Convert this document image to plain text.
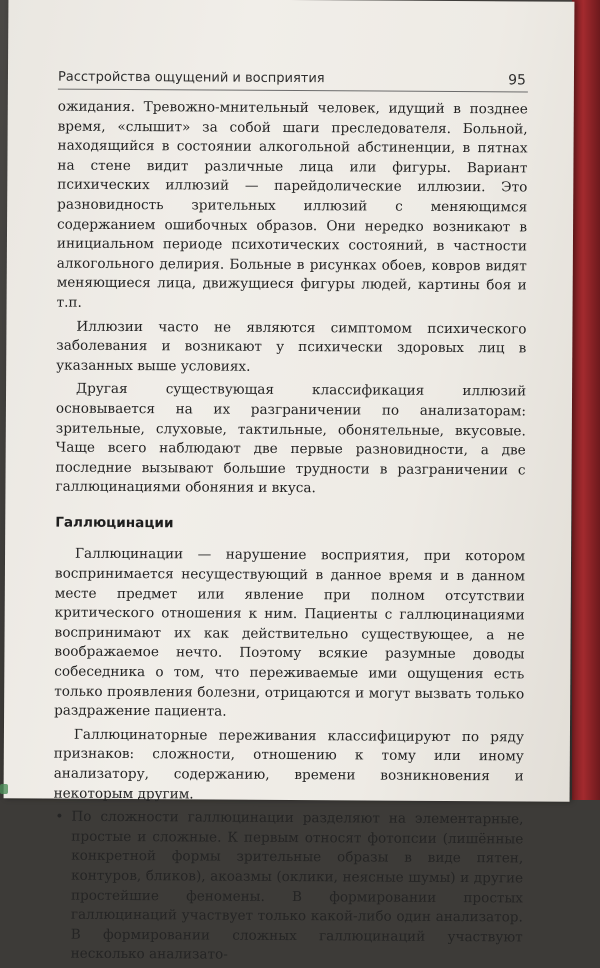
Расстройства ощущений и восприятия	95

ожидания. Тревожно-мнительный человек, идущий в позднее время, «слышит» за собой шаги преследователя. Больной, находящийся в состоянии алкогольной абстиненции, в пятнах на стене видит различные лица или фигуры. Вариант психических иллюзий — парейдолические иллюзии. Это разновидность зрительных иллюзий с меняющимся содержанием ошибочных образов. Они нередко возникают в инициальном периоде психотических состояний, в частности алкогольного делирия. Больные в рисунках обоев, ковров видят меняющиеся лица, движущиеся фигуры людей, картины боя и т.п.

Иллюзии часто не являются симптомом психического заболевания и возникают у психически здоровых лиц в указанных выше условиях.

Другая существующая классификация иллюзий основывается на их разграничении по анализаторам: зрительные, слуховые, тактильные, обонятельные, вкусовые. Чаще всего наблюдают две первые разновидности, а две последние вызывают большие трудности в разграничении с галлюцинациями обоняния и вкуса.

Галлюцинации

Галлюцинации — нарушение восприятия, при котором воспринимается несуществующий в данное время и в данном месте предмет или явление при полном отсутствии критического отношения к ним. Пациенты с галлюцинациями воспринимают их как действительно существующее, а не воображаемое нечто. Поэтому всякие разумные доводы собеседника о том, что переживаемые ими ощущения есть только проявления болезни, отрицаются и могут вызвать только раздражение пациента.

Галлюцинаторные переживания классифицируют по ряду признаков: сложности, отношению к тому или иному анализатору, содержанию, времени возникновения и некоторым другим.

• По сложности галлюцинации разделяют на элементарные, простые и сложные. К первым относят фотопсии (лишённые конкретной формы зрительные образы в виде пятен, контуров, бликов), акоазмы (оклики, неясные шумы) и другие простейшие феномены. В формировании простых галлюцинаций участвует только какой-либо один анализатор. В формировании сложных галлюцинаций участвуют несколько анализато-
